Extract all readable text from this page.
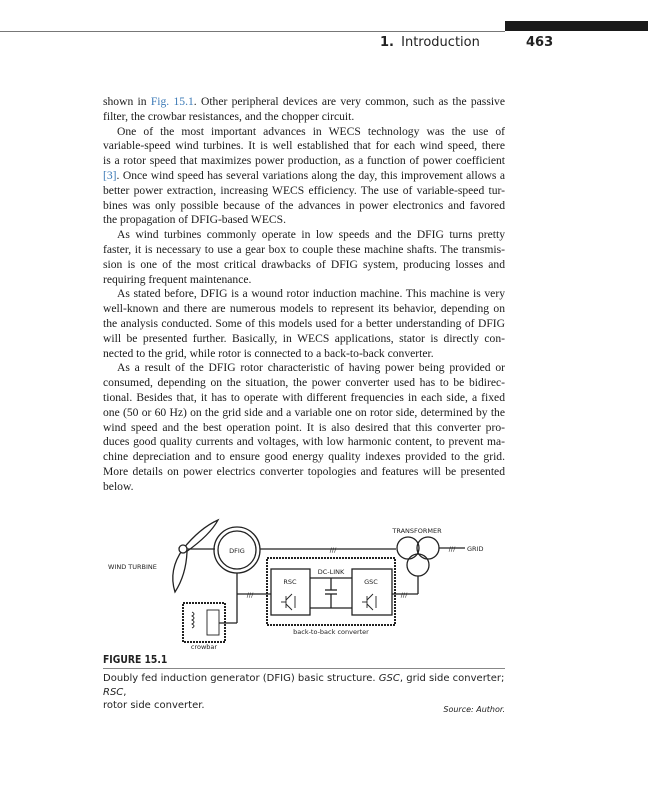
1. Introduction	463
shown in Fig. 15.1. Other peripheral devices are very common, such as the passive
filter, the crowbar resistances, and the chopper circuit.
One of the most important advances in WECS technology was the use of
variable-speed wind turbines. It is well established that for each wind speed, there
is a rotor speed that maximizes power production, as a function of power coefficient
[3]. Once wind speed has several variations along the day, this improvement allows a
better power extraction, increasing WECS efficiency. The use of variable-speed tur-
bines was only possible because of the advances in power electronics and favored
the propagation of DFIG-based WECS.
As wind turbines commonly operate in low speeds and the DFIG turns pretty
faster, it is necessary to use a gear box to couple these machine shafts. The transmis-
sion is one of the most critical drawbacks of DFIG system, producing losses and
requiring frequent maintenance.
As stated before, DFIG is a wound rotor induction machine. This machine is very
well-known and there are numerous models to represent its behavior, depending on
the analysis conducted. Some of this models used for a better understanding of DFIG
will be presented further. Basically, in WECS applications, stator is directly con-
nected to the grid, while rotor is connected to a back-to-back converter.
As a result of the DFIG rotor characteristic of having power being provided or
consumed, depending on the situation, the power converter used has to be bidirec-
tional. Besides that, it has to operate with different frequencies in each side, a fixed
one (50 or 60 Hz) on the grid side and a variable one on rotor side, determined by the
wind speed and the best operation point. It is also desired that this converter pro-
duces good quality currents and voltages, with low harmonic content, to prevent ma-
chine depreciation and to ensure good energy quality indexes provided to the grid.
More details on power electrics converter topologies and features will be presented
below.
WIND TURBINE
DFIG	///
TRANSFORMER
/// GRID
RSC	GSC
DC-LINK
back-to-back converter
///	///
crowbar
FIGURE 15.1
Doubly fed induction generator (DFIG) basic structure. GSC, grid side converter; RSC,
rotor side converter.	Source: Author.
